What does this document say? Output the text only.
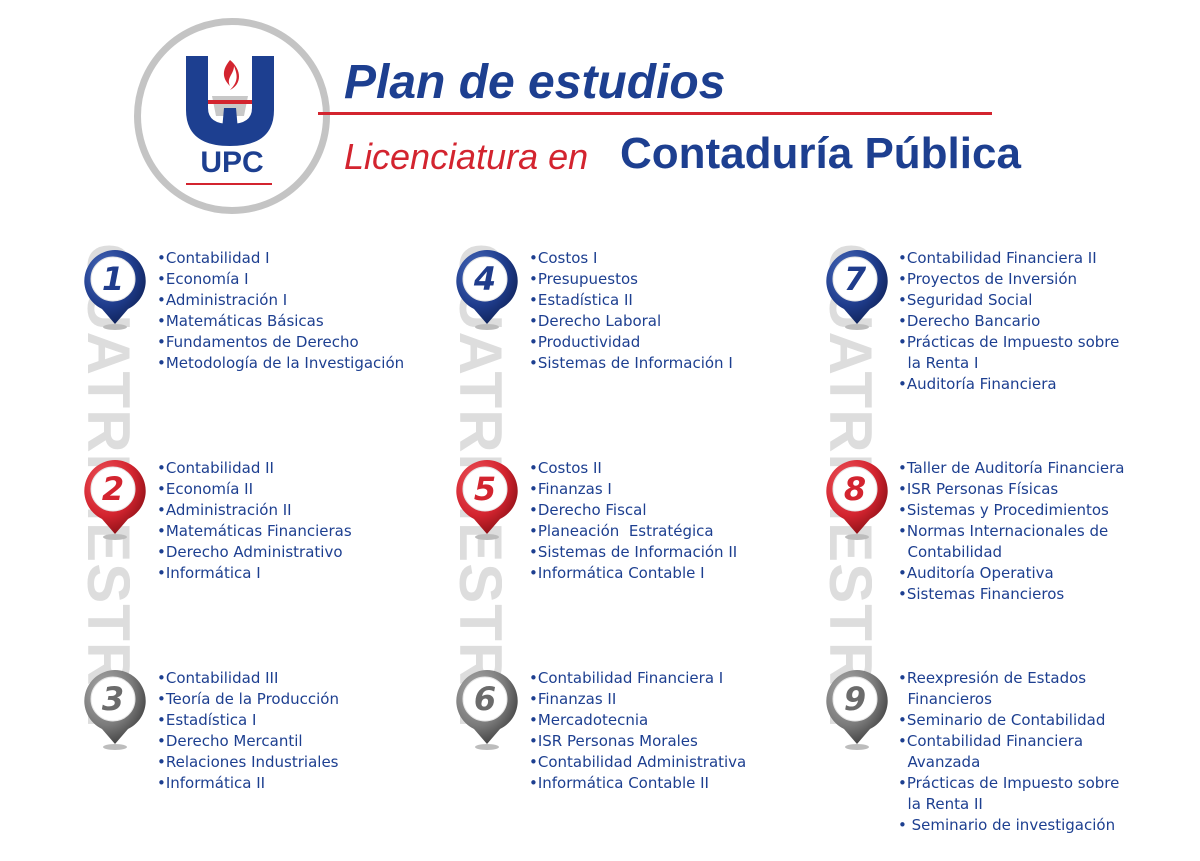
UPC
Plan de estudios
Licenciatura en Contaduría Pública
1
•Contabilidad I
•Economía I
•Administración I
•Matemáticas Básicas
•Fundamentos de Derecho
•Metodología de la Investigación
2
•Contabilidad II
•Economía II
•Administración II
•Matemáticas Financieras
•Derecho Administrativo
•Informática I
3
•Contabilidad III
•Teoría de la Producción
•Estadística I
•Derecho Mercantil
•Relaciones Industriales
•Informática II
4
•Costos I
•Presupuestos
•Estadística II
•Derecho Laboral
•Productividad
•Sistemas de Información I
5
•Costos II
•Finanzas I
•Derecho Fiscal
•Planeación  Estratégica
•Sistemas de Información II
•Informática Contable I
6
•Contabilidad Financiera I
•Finanzas II
•Mercadotecnia
•ISR Personas Morales
•Contabilidad Administrativa
•Informática Contable II
7
•Contabilidad Financiera II
•Proyectos de Inversión
•Seguridad Social
•Derecho Bancario
•Prácticas de Impuesto sobre
la Renta I
•Auditoría Financiera
8
•Taller de Auditoría Financiera
•ISR Personas Físicas
•Sistemas y Procedimientos
•Normas Internacionales de
Contabilidad
•Auditoría Operativa
•Sistemas Financieros
9
•Reexpresión de Estados
Financieros
•Seminario de Contabilidad
•Contabilidad Financiera
Avanzada
•Prácticas de Impuesto sobre
la Renta II
• Seminario de investigación
